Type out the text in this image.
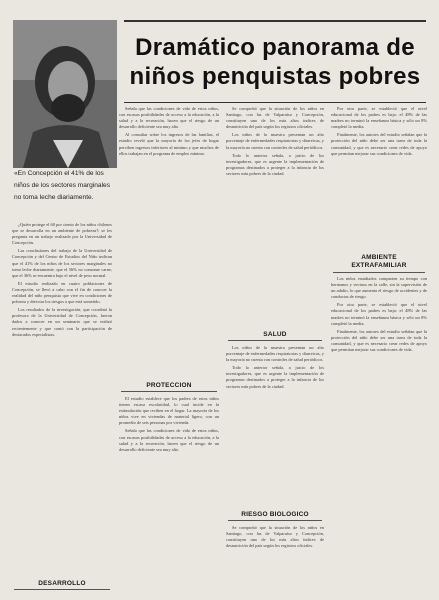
«En Concepción el 41% de los niños de los sectores marginales no toma leche diariamente.
Dramático panorama de niños penquistas pobres

¿Quién protege el 60 por ciento de los niños chilenos que se desarrolla en un ambiente de pobreza?; se les pregunta en un trabajo realizado por la Universidad de Concepción.

Las conclusiones del trabajo de la Universidad de Concepción y del Centro de Estudios del Niño indican que el 41% de los niños de los sectores marginales no toma leche diariamente, que el 56% no consume carne, que el 36% se encuentra bajo el nivel de peso normal.

El estudio realizado en cuatro poblaciones de Concepción, se llevó a cabo con el fin de conocer la realidad del niño penquista que vive en condiciones de pobreza y detectar los riesgos a que está sometido.

Los resultados de la investigación, que coordinó la profesora de la Universidad de Concepción, fueron dados a conocer en un seminario que se realizó recientemente y que contó con la participación de destacados especialistas.

DESARROLLO

Señala que las condiciones de vida de estos niños, con escasas posibilidades de acceso a la educación, a la salud y a la recreación, hacen que el riesgo de un desarrollo deficiente sea muy alto.

Al consultar sobre los ingresos de las familias, el estudio reveló que la mayoría de los jefes de hogar perciben ingresos inferiores al mínimo y que muchos de ellos trabajan en el programa de empleo mínimo.

PROTECCION

El estudio establece que los padres de estos niños tienen escasa escolaridad, lo cual incide en la estimulación que reciben en el hogar. La mayoría de los niños vive en viviendas de material ligero, con un promedio de seis personas por vivienda.

Señala que las condiciones de vida de estos niños, con escasas posibilidades de acceso a la educación, a la salud y a la recreación, hacen que el riesgo de un desarrollo deficiente sea muy alto.

Se comprobó que la situación de los niños en Santiago, con las de Valparaíso y Concepción, constituyen uno de los más altos índices de desnutrición del país según los registros oficiales.

Los niños de la muestra presentan un alto porcentaje de enfermedades respiratorias y diarreicas, y la mayoría no cuenta con controles de salud periódicos.

Todo lo anterior señala, a juicio de los investigadores, que es urgente la implementación de programas destinados a proteger a la infancia de los sectores más pobres de la ciudad.

SALUD

Los niños de la muestra presentan un alto porcentaje de enfermedades respiratorias y diarreicas, y la mayoría no cuenta con controles de salud periódicos.

Todo lo anterior señala, a juicio de los investigadores, que es urgente la implementación de programas destinados a proteger a la infancia de los sectores más pobres de la ciudad.

RIESGO BIOLOGICO

Se comprobó que la situación de los niños en Santiago, con las de Valparaíso y Concepción, constituyen uno de los más altos índices de desnutrición del país según los registros oficiales.

Por otra parte, se estableció que el nivel educacional de los padres es bajo: el 48% de las madres no terminó la enseñanza básica y sólo un 8% completó la media.

Finalmente, los autores del estudio señalan que la protección del niño debe ser una tarea de toda la comunidad, y que es necesario crear redes de apoyo que permitan mejorar sus condiciones de vida.

AMBIENTE EXTRAFAMILIAR

Los niños estudiados comparten su tiempo con hermanos y vecinos en la calle, sin la supervisión de un adulto, lo que aumenta el riesgo de accidentes y de conductas de riesgo.

Por otra parte, se estableció que el nivel educacional de los padres es bajo: el 48% de las madres no terminó la enseñanza básica y sólo un 8% completó la media.

Finalmente, los autores del estudio señalan que la protección del niño debe ser una tarea de toda la comunidad, y que es necesario crear redes de apoyo que permitan mejorar sus condiciones de vida.
